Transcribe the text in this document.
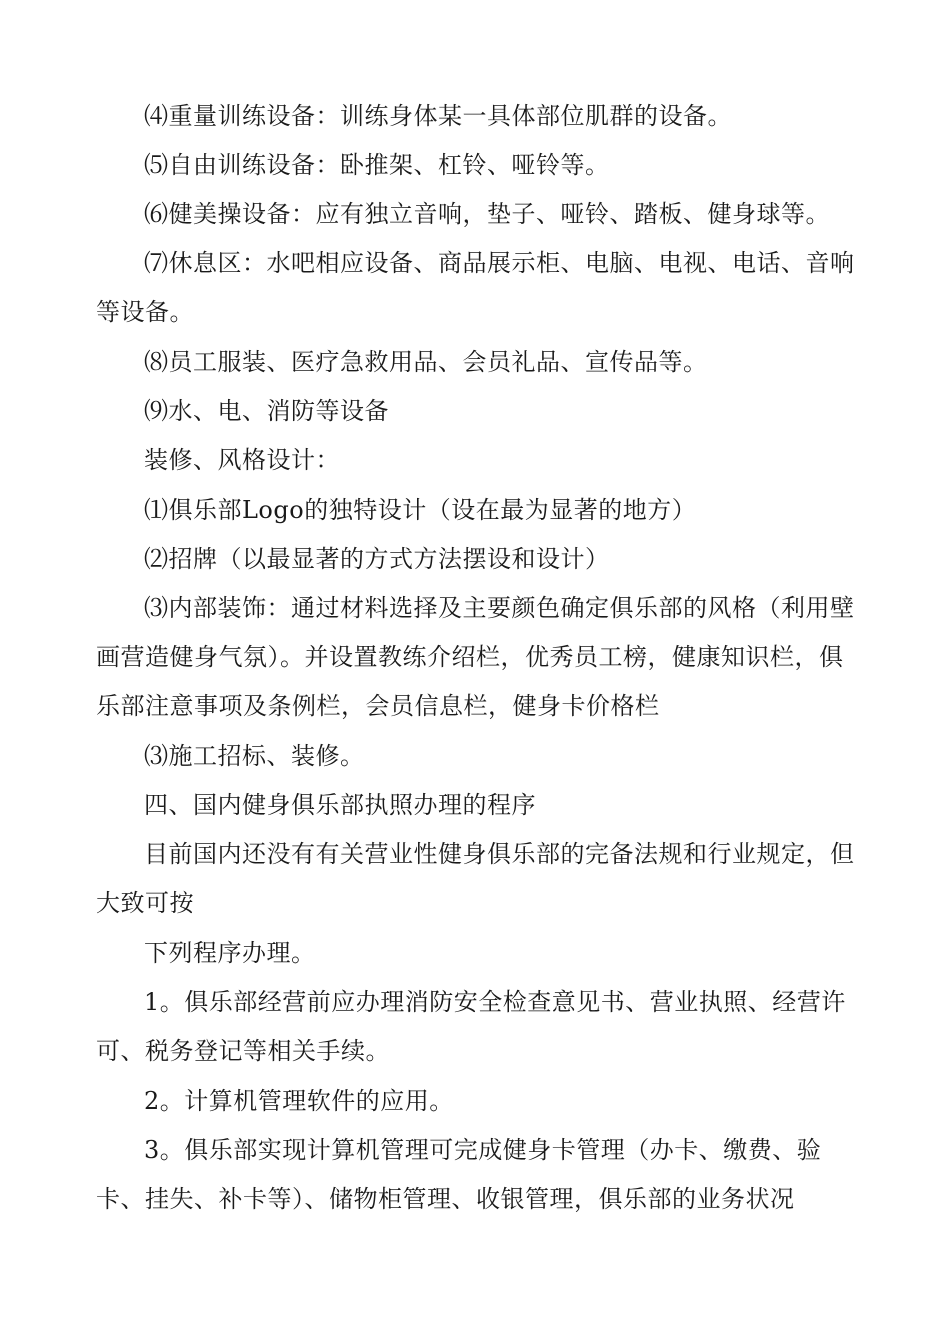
⑷重量训练设备：训练身体某一具体部位肌群的设备。

⑸自由训练设备：卧推架、杠铃、哑铃等。

⑹健美操设备：应有独立音响，垫子、哑铃、踏板、健身球等。

⑺休息区：水吧相应设备、商品展示柜、电脑、电视、电话、音响等设备。

⑻员工服装、医疗急救用品、会员礼品、宣传品等。

⑼水、电、消防等设备

装修、风格设计：

⑴俱乐部Logo的独特设计（设在最为显著的地方）

⑵招牌（以最显著的方式方法摆设和设计）

⑶内部装饰：通过材料选择及主要颜色确定俱乐部的风格（利用壁画营造健身气氛）。并设置教练介绍栏，优秀员工榜，健康知识栏，俱乐部注意事项及条例栏，会员信息栏，健身卡价格栏

⑶施工招标、装修。

四、国内健身俱乐部执照办理的程序

目前国内还没有有关营业性健身俱乐部的完备法规和行业规定，但大致可按

下列程序办理。

1。俱乐部经营前应办理消防安全检查意见书、营业执照、经营许可、税务登记等相关手续。

2。计算机管理软件的应用。

3。俱乐部实现计算机管理可完成健身卡管理（办卡、缴费、验卡、挂失、补卡等）、储物柜管理、收银管理，俱乐部的业务状况
